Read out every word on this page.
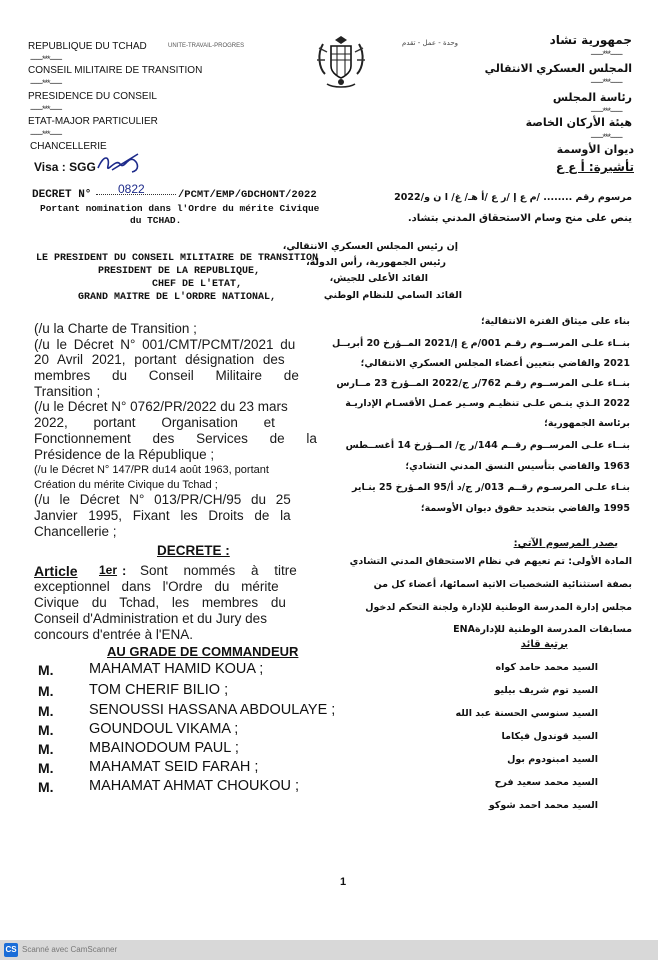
REPUBLIQUE DU TCHAD	UNITE-TRAVAIL-PROGRES
------***------
CONSEIL MILITAIRE DE TRANSITION
------***------
PRESIDENCE DU CONSEIL
------***------
ETAT-MAJOR PARTICULIER
------***------
CHANCELLERIE
Visa : SGG
جمهورية تشاد
وحدة - عمل - تقدم
------***------
المجلس العسكري الانتقالي
------***------
رئاسة المجلس
------***------
هيئة الأركان الخاصة
------***------
ديوان الأوسمة
تأشيرة: أ ع ع
DECRET N° 0822	/PCMT/EMP/GDCHONT/2022
Portant nomination dans l'Ordre du mérite Civique
du TCHAD.
مرسوم رقم ........ /م ع إ /ر ع /أ هـ/ غ/ ا ن و/2022
ينص على منح وسام الاستحقاق المدني بتشاد.
LE PRESIDENT DU CONSEIL MILITAIRE DE TRANSITION
PRESIDENT DE LA REPUBLIQUE,
CHEF DE L'ETAT,
GRAND MAITRE DE L'ORDRE NATIONAL,
إن رئيس المجلس العسكري الانتقالي،
رئيس الجمهورية، رأس الدولة،
القائد الأعلى للجيش،
القائد السامي للنظام الوطني
(/u la Charte de Transition ;
(/u le Décret N° 001/CMT/PCMT/2021 du
20 Avril 2021, portant désignation des
membres du Conseil Militaire de
Transition ;
(/u le Décret N° 0762/PR/2022 du 23 mars
2022, portant Organisation et
Fonctionnement des Services de la
Présidence de la République ;
(/u le Décret N° 147/PR du14 août 1963, portant
Création du mérite Civique du Tchad ;
(/u le Décret N° 013/PR/CH/95 du 25
Janvier 1995, Fixant les Droits de la
Chancellerie ;
بناء على ميثاق الفترة الانتقالية؛
بنــاء علـى المرســوم رقـم 001/م ع إ/2021 المــؤرخ 20 أبريــل
2021 والقاضي بتعيين أعضاء المجلس العسكري الانتقالي؛
بنــاء علـى المرســوم رقـم 762/ر ج/2022 المــؤرخ 23 مــارس
2022 الـذي ينـص علـى تنظيـم وسـير عمـل الأقسـام الإداريـة
برئاسة الجمهورية؛
بنــاء علـى المرســوم رقــم 144/ر ج/ المــؤرخ 14 أغســطس
1963 والقاضي بتأسيس النسق المدني التشادي؛
بنـاء علـى المرسـوم رقــم 013/ر ج/د أ/95 المـؤرخ 25 ينـاير
1995 والقاضي بتحديد حقوق ديوان الأوسمة؛
DECRETE :	يصدر المرسوم الآتي:
Article 1er : Sont nommés à titre
exceptionnel dans l'Ordre du mérite
Civique du Tchad, les membres du
Conseil d'Administration et du Jury des
concours d'entrée à l'ENA.
المادة الأولى: تم تعيهم في نظام الاستحقاق المدني التشادي
بصفة استثنائية الشخصيات الاتية اسمائها، أعضاء كل من
مجلس إدارة المدرسة الوطنية للإدارة ولجنة التحكم لدخول
مسابقات المدرسة الوطنية للإدارةENA
AU GRADE DE COMMANDEUR	برتبة قائد
M. MAHAMAT HAMID KOUA ;
M. TOM CHERIF BILIO ;
M. SENOUSSI HASSANA ABDOULAYE ;
M. GOUNDOUL VIKAMA ;
M. MBAINODOUM PAUL ;
M. MAHAMAT SEID FARAH ;
M. MAHAMAT AHMAT CHOUKOU ;
السيد محمد حامد كواه
السيد توم شريف بيليو
السيد سنوسي الحسنة عبد الله
السيد قوندول فيكاما
السيد امبنودوم بول
السيد محمد سعيد فرح
السيد محمد احمد شوكو
1
CS Scanné avec CamScanner
